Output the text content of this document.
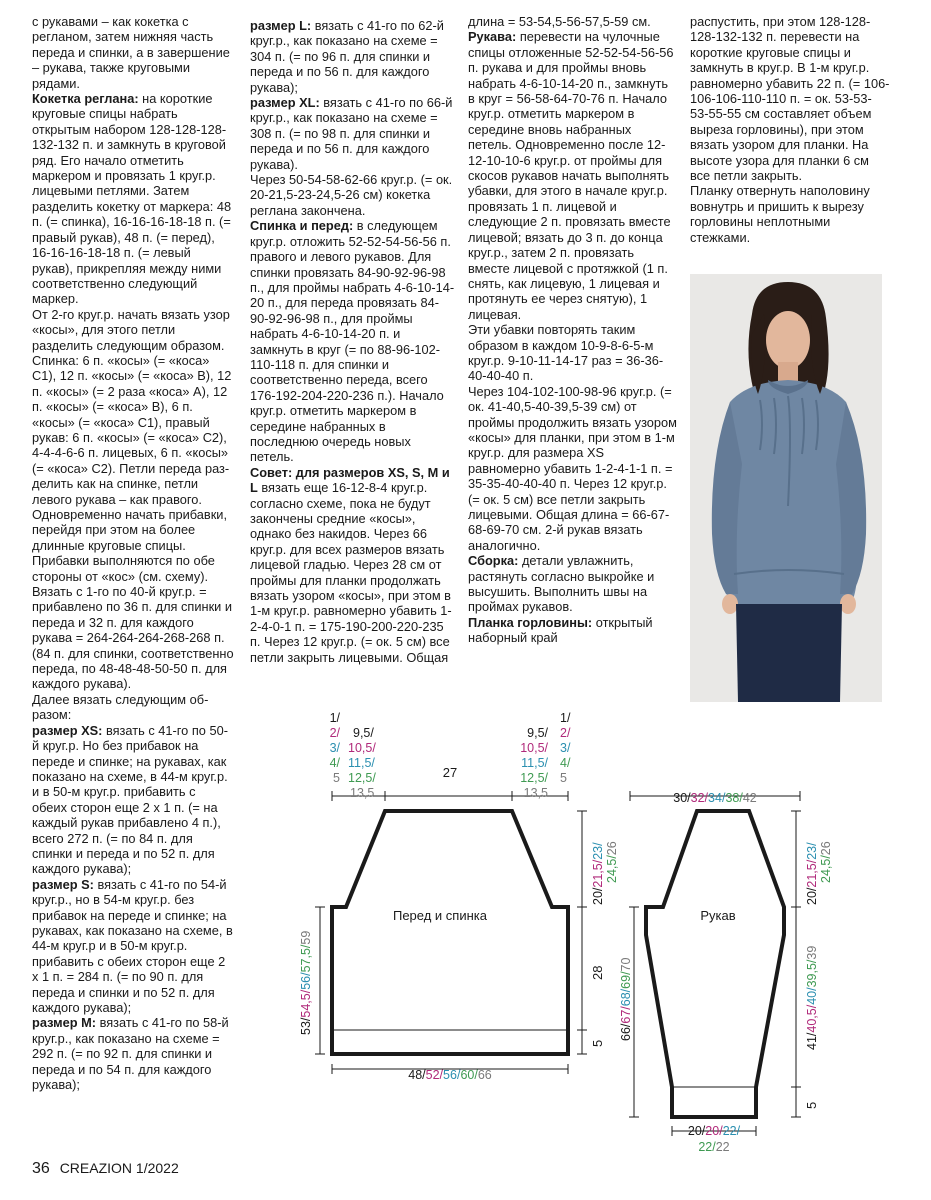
с рукавами – как кокетка с регланом, затем нижняя часть переда и спинки, а в завершение – рукава, также круговыми рядами.

Кокетка реглана: на короткие круговые спицы набрать открытым набором 128-128-128-132-132 п. и замкнуть в круговой ряд. Его начало отметить маркером и провязать 1 круг.р. лицевыми петлями. Затем разделить кокетку от маркера: 48 п. (= спинка), 16-16-16-18-18 п. (= правый рукав), 48 п. (= перед), 16-16-16-18-18 п. (= левый рукав), прикрепляя между ними соответственно следующий маркер.

От 2-го круг.р. начать вязать узор «косы», для этого петли разделить следующим образом. Спинка: 6 п. «косы» (= «коса» С1), 12 п. «косы» (= «коса» В), 12 п. «косы» (= 2 раза «коса» А), 12 п. «косы» (= «коса» В), 6 п. «косы» (= «коса» С1), правый рукав: 6 п. «косы» (= «коса» С2), 4-4-4-6-6 п. лицевых, 6 п. «косы» (= «коса» С2). Петли переда разделить как на спинке, петли левого рукава – как правого.

Одновременно начать прибавки, перейдя при этом на более длинные круговые спицы. Прибавки выполняются по обе стороны от «кос» (см. схему). Вязать с 1-го по 40-й круг.р. = прибавлено по 36 п. для спинки и переда и 32 п. для каждого рукава = 264-264-264-268-268 п. (84 п. для спинки, соответственно переда, по 48-48-48-50-50 п. для каждого рукава).

Далее вязать следующим образом:

размер XS: вязать с 41-го по 50-й круг.р. Но без прибавок на переде и спинке; на рукавах, как показано на схеме, в 44-м круг.р. и в 50-м круг.р. прибавить с обеих сторон еще 2 х 1 п. (= на каждый рукав прибавлено 4 п.), всего 272 п. (= по 84 п. для спинки и переда и по 52 п. для каждого рукава);

размер S: вязать с 41-го по 54-й круг.р., но в 54-м круг.р. без прибавок на переде и спинке; на рукавах, как показано на схеме, в 44-м круг.р и в 50-м круг.р. прибавить с обеих сторон еще 2 х 1 п. = 284 п. (= по 90 п. для переда и спинки и по 52 п. для каждого рукава);

размер М: вязать с 41-го по 58-й круг.р., как показано на схеме = 292 п. (= по 92 п. для спинки и переда и по 54 п. для каждого рукава);

размер L: вязать с 41-го по 62-й круг.р., как показано на схеме = 304 п. (= по 96 п. для спинки и переда и по 56 п. для каждого рукава);

размер XL: вязать с 41-го по 66-й круг.р., как показано на схеме = 308 п. (= по 98 п. для спинки и переда и по 56 п. для каждого рукава).

Через 50-54-58-62-66 круг.р. (= ок. 20-21,5-23-24,5-26 см) кокетка реглана закончена.

Спинка и перед: в следующем круг.р. отложить 52-52-54-56-56 п. правого и левого рукавов. Для спинки провязать 84-90-92-96-98 п., для проймы набрать 4-6-10-14-20 п., для переда провязать 84-90-92-96-98 п., для проймы набрать 4-6-10-14-20 п. и замкнуть в круг (= по 88-96-102-110-118 п. для спинки и соответственно переда, всего 176-192-204-220-236 п.). Начало круг.р. отметить маркером в середине набранных в последнюю очередь новых петель.

Совет: для размеров XS, S, M и L вязать еще 16-12-8-4 круг.р. согласно схеме, пока не будут закончены средние «косы», однако без накидов. Через 66 круг.р. для всех размеров вязать лицевой гладью. Через 28 см от проймы для планки продолжать вязать узором «косы», при этом в 1-м круг.р. равномерно убавить 1-2-4-0-1 п. = 175-190-200-220-235 п. Через 12 круг.р. (= ок. 5 см) все петли закрыть лицевыми. Общая

длина = 53-54,5-56-57,5-59 см.

Рукава: перевести на чулочные спицы отложенные 52-52-54-56-56 п. рукава и для проймы вновь набрать 4-6-10-14-20 п., замкнуть в круг = 56-58-64-70-76 п. Начало круг.р. отметить маркером в середине вновь набранных петель. Одновременно после 12-12-10-10-6 круг.р. от проймы для скосов рукавов начать выполнять убавки, для этого в начале круг.р. провязать 1 п. лицевой и следующие 2 п. провязать вместе лицевой; вязать до 3 п. до конца круг.р., затем 2 п. провязать вместе лицевой с протяжкой (1 п. снять, как лицевую, 1 лицевая и протянуть ее через снятую), 1 лицевая.

Эти убавки повторять таким образом в каждом 10-9-8-6-5-м круг.р. 9-10-11-14-17 раз = 36-36-40-40-40 п.

Через 104-102-100-98-96 круг.р. (= ок. 41-40,5-40-39,5-39 см) от проймы продолжить вязать узором «косы» для планки, при этом в 1-м круг.р. для размера XS равномерно убавить 1-2-4-1-1 п. = 35-35-40-40-40 п. Через 12 круг.р. (= ок. 5 см) все петли закрыть лицевыми. Общая длина = 66-67-68-69-70 см. 2-й рукав вязать аналогично.

Сборка: детали увлажнить, растянуть согласно выкройке и высушить. Выполнить швы на проймах рукавов.

Планка горловины: открытый наборный край

распустить, при этом 128-128-128-132-132 п. перевести на короткие круговые спицы и замкнуть в круг.р. В 1-м круг.р. равномерно убавить 22 п. (= 106-106-106-110-110 п. = ок. 53-53-53-55-55 см составляет объем выреза горловины), при этом вязать узором для планки. На высоте узора для планки 6 см все петли закрыть.

Планку отвернуть наполовину вовнутрь и пришить к вырезу горловины неплотными стежками.

36 CREAZION 1/2022
Перед и спинка
27
1/
2/
3/
4/
5
9,5/
10,5/
11,5/
12,5/
13,5
9,5/
10,5/
11,5/
12,5/
13,5
1/
2/
3/
4/
5
20/21,5/23/
24,5/26
28
5
53/54,5/56/57,5/59
48/52/56/60/66
Рукав
30/32/34/38/42
20/21,5/23/
24,5/26
41/40,5/40/39,5/39
5
66/67/68/69/70
20/20/22/
22/22
